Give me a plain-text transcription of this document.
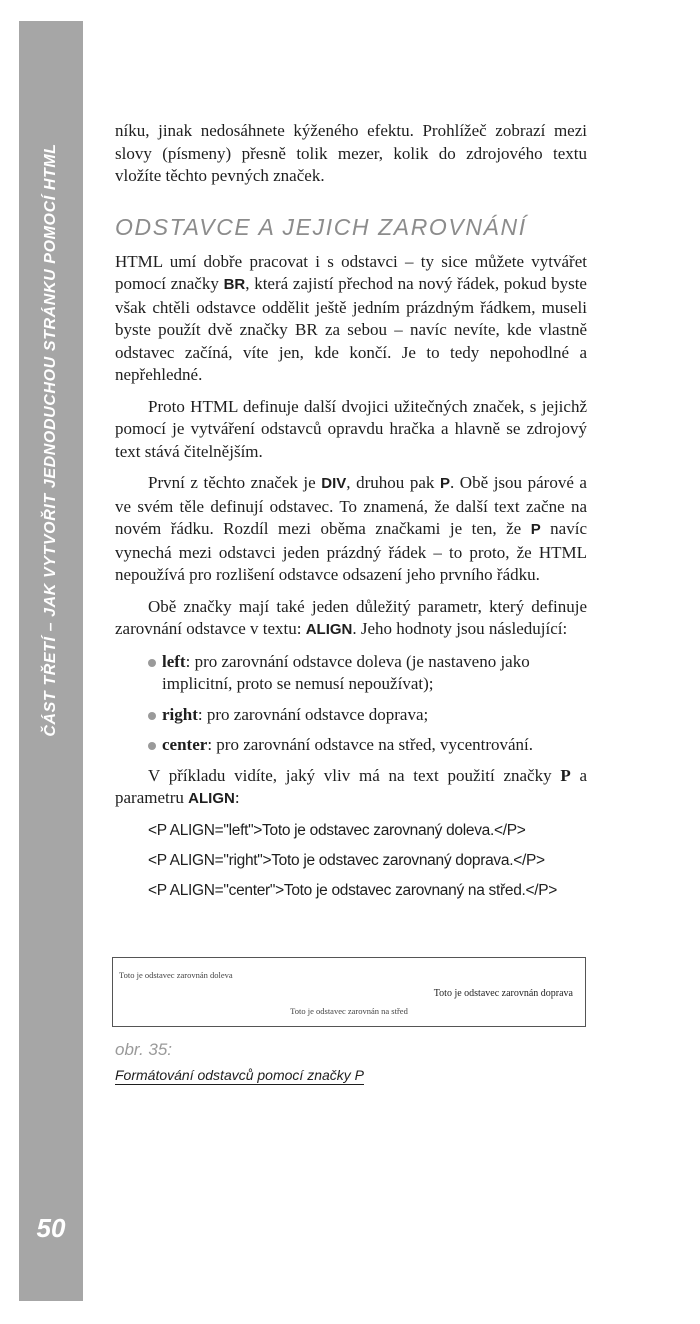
ČÁST TŘETÍ – JAK VYTVOŘIT JEDNODUCHOU STRÁNKU POMOCÍ HTML
50

níku, jinak nedosáhnete kýženého efektu. Prohlížeč zobrazí mezi slovy (písmeny) přesně tolik mezer, kolik do zdrojového textu vložíte těchto pevných značek.

ODSTAVCE A JEJICH ZAROVNÁNÍ

HTML umí dobře pracovat i s odstavci – ty sice můžete vytvářet pomocí značky BR, která zajistí přechod na nový řádek, pokud byste však chtěli odstavce oddělit ještě jedním prázdným řádkem, museli byste použít dvě značky BR za sebou – navíc nevíte, kde vlastně odstavec začíná, víte jen, kde končí. Je to tedy nepohodlné a nepřehledné.

Proto HTML definuje další dvojici užitečných značek, s jejichž pomocí je vytváření odstavců opravdu hračka a hlavně se zdrojový text stává čitelnějším.

První z těchto značek je DIV, druhou pak P. Obě jsou párové a ve svém těle definují odstavec. To znamená, že další text začne na novém řádku. Rozdíl mezi oběma značkami je ten, že P navíc vynechá mezi odstavci jeden prázdný řádek – to proto, že HTML nepoužívá pro rozlišení odstavce odsazení jeho prvního řádku.

Obě značky mají také jeden důležitý parametr, který definuje zarovnání odstavce v textu: ALIGN. Jeho hodnoty jsou následující:

left: pro zarovnání odstavce doleva (je nastaveno jako implicitní, proto se nemusí nepoužívat);
right: pro zarovnání odstavce doprava;
center: pro zarovnání odstavce na střed, vycentrování.

V příkladu vidíte, jaký vliv má na text použití značky P a parametru ALIGN:

<P ALIGN="left">Toto je odstavec zarovnaný doleva.</P>
<P ALIGN="right">Toto je odstavec zarovnaný doprava.</P>
<P ALIGN="center">Toto je odstavec zarovnaný na střed.</P>
Toto je odstavec zarovnán doleva
Toto je odstavec zarovnán doprava
Toto je odstavec zarovnán na střed
obr. 35:
Formátování odstavců pomocí značky P
